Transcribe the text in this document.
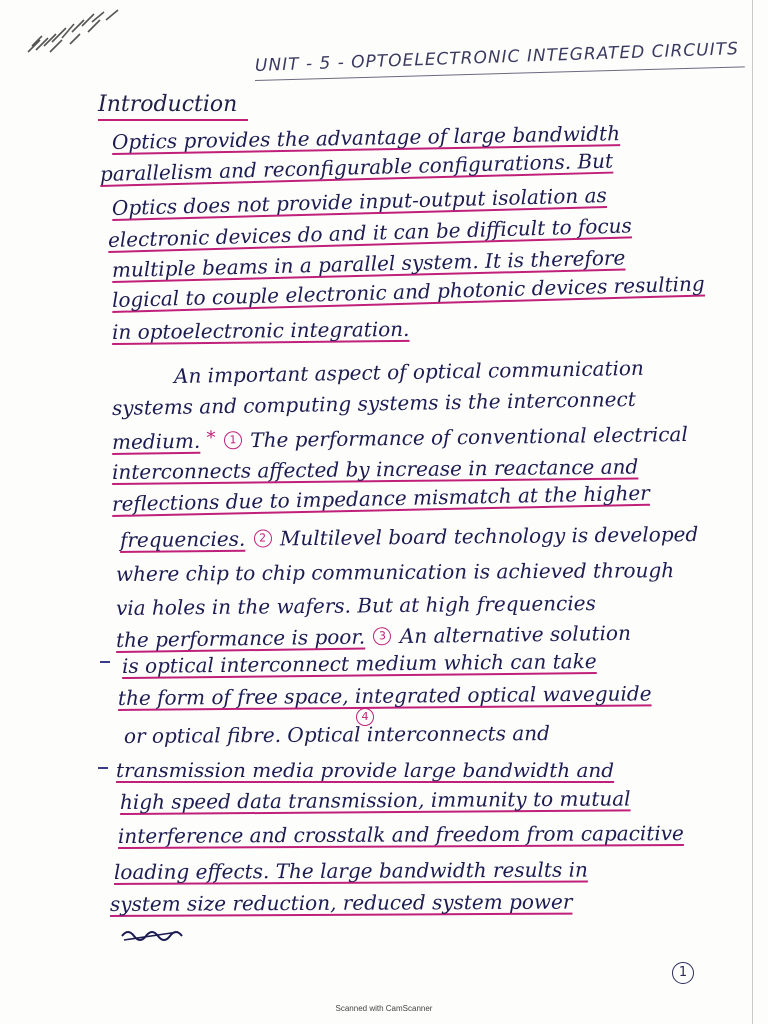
UNIT - 5 - OPTOELECTRONIC INTEGRATED CIRCUITS
Introduction
Optics provides the advantage of large bandwidth
parallelism and reconfigurable configurations. But
Optics does not provide input-output isolation as
electronic devices do and it can be difficult to focus
multiple beams in a parallel system. It is therefore
logical to couple electronic and photonic devices resulting
in optoelectronic integration.
An important aspect of optical communication
systems and computing systems is the interconnect
medium. * 1 The performance of conventional electrical
interconnects affected by increase in reactance and
reflections due to impedance mismatch at the higher
frequencies. 2 Multilevel board technology is developed
where chip to chip communication is achieved through
via holes in the wafers. But at high frequencies
the performance is poor. 3 An alternative solution
is optical interconnect medium which can take
the form of free space, integrated optical waveguide
4
or optical fibre. Optical interconnects and
transmission media provide large bandwidth and
high speed data transmission, immunity to mutual
interference and crosstalk and freedom from capacitive
loading effects. The large bandwidth results in
system size reduction, reduced system power
1
Scanned with CamScanner
